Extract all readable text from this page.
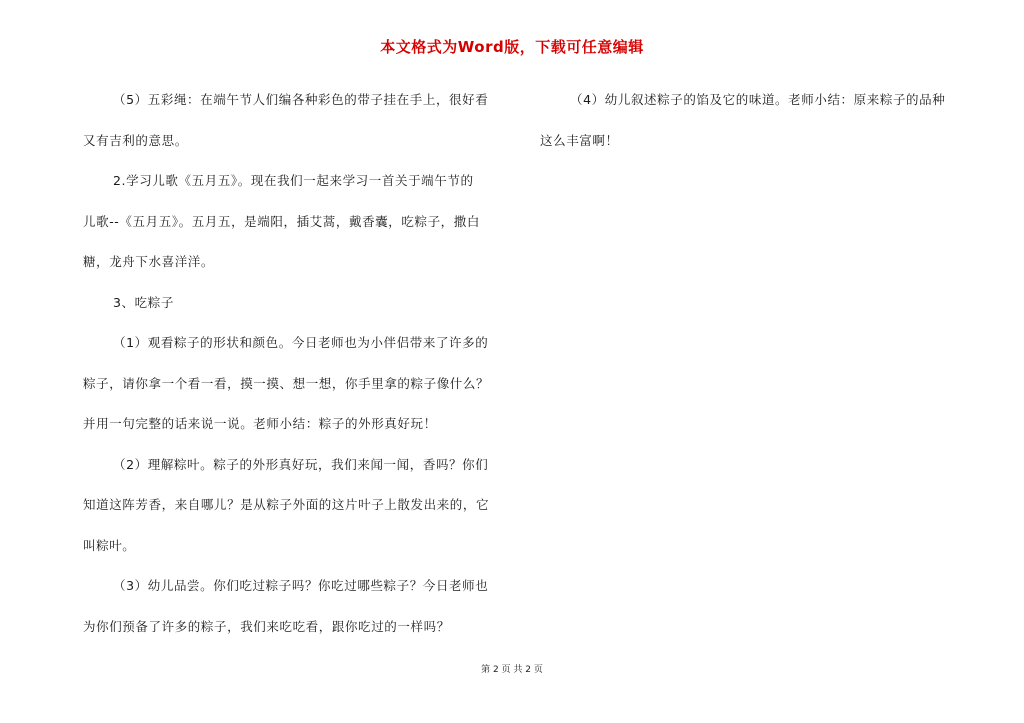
本文格式为Word版，下载可任意编辑
（5）五彩绳：在端午节人们编各种彩色的带子挂在手上，很好看
又有吉利的意思。
2.学习儿歌《五月五》。现在我们一起来学习一首关于端午节的
儿歌--《五月五》。五月五，是端阳，插艾蒿，戴香囊，吃粽子，撒白
糖，龙舟下水喜洋洋。
3、吃粽子
（1）观看粽子的形状和颜色。今日老师也为小伴侣带来了许多的
粽子，请你拿一个看一看，摸一摸、想一想，你手里拿的粽子像什么？
并用一句完整的话来说一说。老师小结：粽子的外形真好玩！
（2）理解粽叶。粽子的外形真好玩，我们来闻一闻，香吗？你们
知道这阵芳香，来自哪儿？是从粽子外面的这片叶子上散发出来的，它
叫粽叶。
（3）幼儿品尝。你们吃过粽子吗？你吃过哪些粽子？今日老师也
为你们预备了许多的粽子，我们来吃吃看，跟你吃过的一样吗？
（4）幼儿叙述粽子的馅及它的味道。老师小结：原来粽子的品种
这么丰富啊！
第 2 页 共 2 页
